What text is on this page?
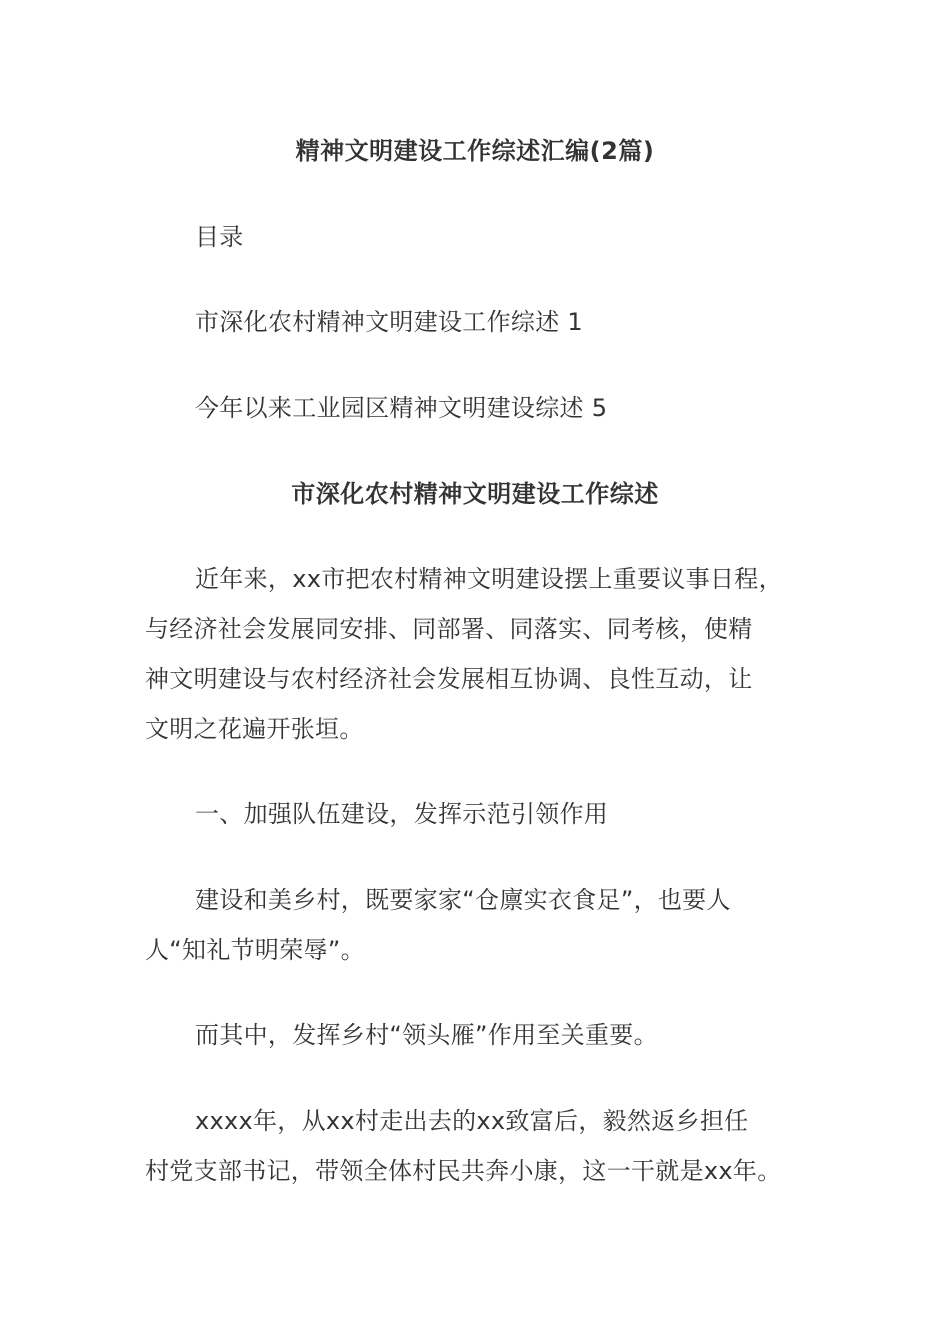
精神文明建设工作综述汇编(2篇)
目录
市深化农村精神文明建设工作综述 1
今年以来工业园区精神文明建设综述 5
市深化农村精神文明建设工作综述
近年来，xx市把农村精神文明建设摆上重要议事日程，
与经济社会发展同安排、同部署、同落实、同考核，使精
神文明建设与农村经济社会发展相互协调、良性互动，让
文明之花遍开张垣。
一、加强队伍建设，发挥示范引领作用
建设和美乡村，既要家家“仓廪实衣食足”，也要人
人“知礼节明荣辱”。
而其中，发挥乡村“领头雁”作用至关重要。
xxxx年，从xx村走出去的xx致富后，毅然返乡担任
村党支部书记，带领全体村民共奔小康，这一干就是xx年。
